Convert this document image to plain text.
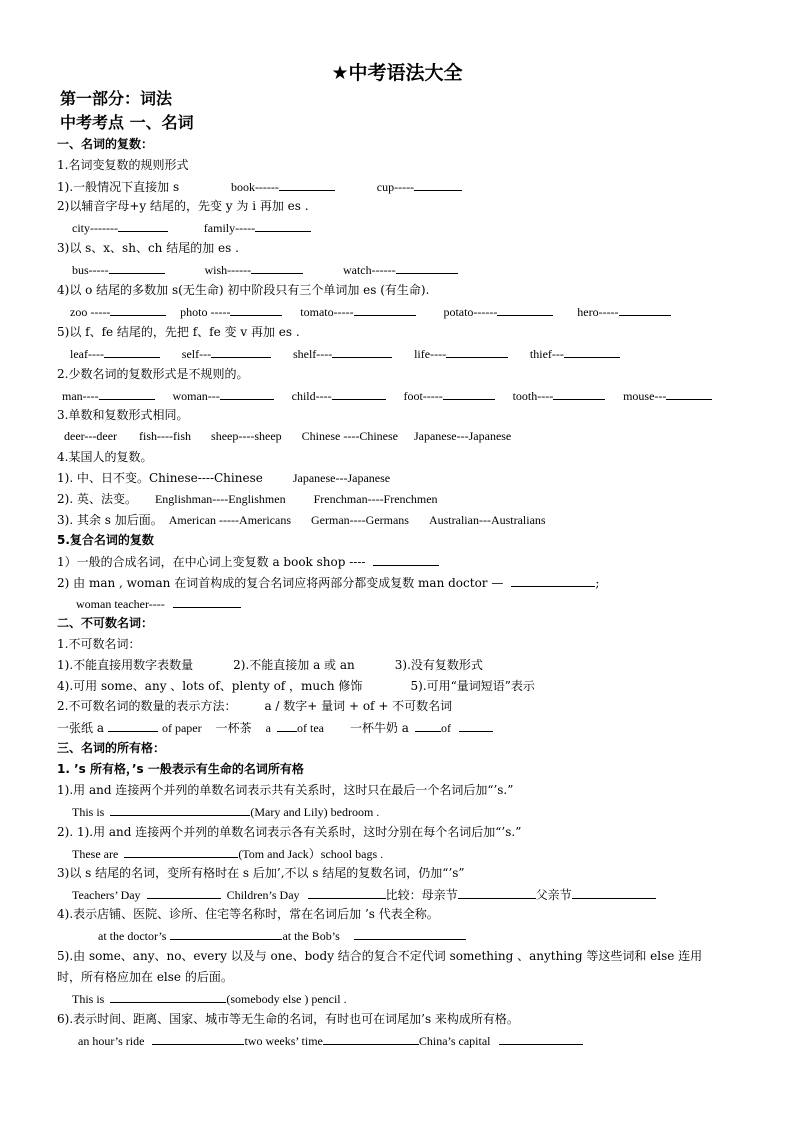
★中考语法大全
第一部分：词法
中考考点 一、名词
一、名词的复数：
1.名词变复数的规则形式
1).一般情况下直接加 s	book------	cup-----
2)以辅音字母+y 结尾的，先变 y 为 i 再加 es .
city-------	family-----
3)以 s、x、sh、ch 结尾的加 es .
bus-----	wish------	watch------
4)以 o 结尾的多数加 s(无生命) 初中阶段只有三个单词加 es (有生命).
zoo -----	photo -----	tomato-----	potato------	hero-----
5)以 f、fe 结尾的，先把 f、fe 变 v 再加 es .
leaf----	self---	shelf----	life----	thief---
2.少数名词的复数形式是不规则的。
man----	woman---	child----	foot-----	tooth----	mouse---
3.单数和复数形式相同。
deer---deer fish----fish sheep----sheep Chinese ----Chinese Japanese---Japanese
4.某国人的复数。
1). 中、日不变。Chinese----Chinese	Japanese---Japanese
2). 英、法变。 Englishman----Englishmen Frenchman----Frenchmen
3). 其余 s 加后面。 American -----Americans German----Germans Australian---Australians
5.复合名词的复数
1）一般的合成名词，在中心词上变复数 a book shop ----
2) 由 man , woman 在词首构成的复合名词应将两部分都变成复数 man doctor —	;
woman teacher----
二、不可数名词：
1.不可数名词：
1).不能直接用数字表数量	2).不能直接加 a 或 an	3).没有复数形式
4).可用 some、any 、lots of、plenty of ，much 修饰	5).可用“量词短语”表示
2.不可数名词的数量的表示方法： a / 数字+ 量词 + of + 不可数名词
一张纸 a	of paper 一杯茶 a of tea 一杯牛奶 a	of
三、名词的所有格：
1. ’s 所有格，’s 一般表示有生命的名词所有格
1).用 and 连接两个并列的单数名词表示共有关系时，这时只在最后一个名词后加“’s.”
This is	(Mary and Lily) bedroom .
2). 1).用 and 连接两个并列的单数名词表示各有关系时，这时分别在每个名词后加“’s.”
These are	(Tom and Jack）school bags .
3)以 s 结尾的名词，变所有格时在 s 后加’,不以 s 结尾的复数名词，仍加“’s”
Teachers’ Day	Children’s Day	比较：母亲节	父亲节
4).表示店铺、医院、诊所、住宅等名称时，常在名词后加 ’s 代表全称。
at the doctor’s	at the Bob’s
5).由 some、any、no、every 以及与 one、body 结合的复合不定代词 something 、anything 等这些词和 else 连用
时，所有格应加在 else 的后面。
This is	(somebody else ) pencil .
6).表示时间、距离、国家、城市等无生命的名词，有时也可在词尾加’s 来构成所有格。
an hour’s ride	two weeks’ time	China’s capital
